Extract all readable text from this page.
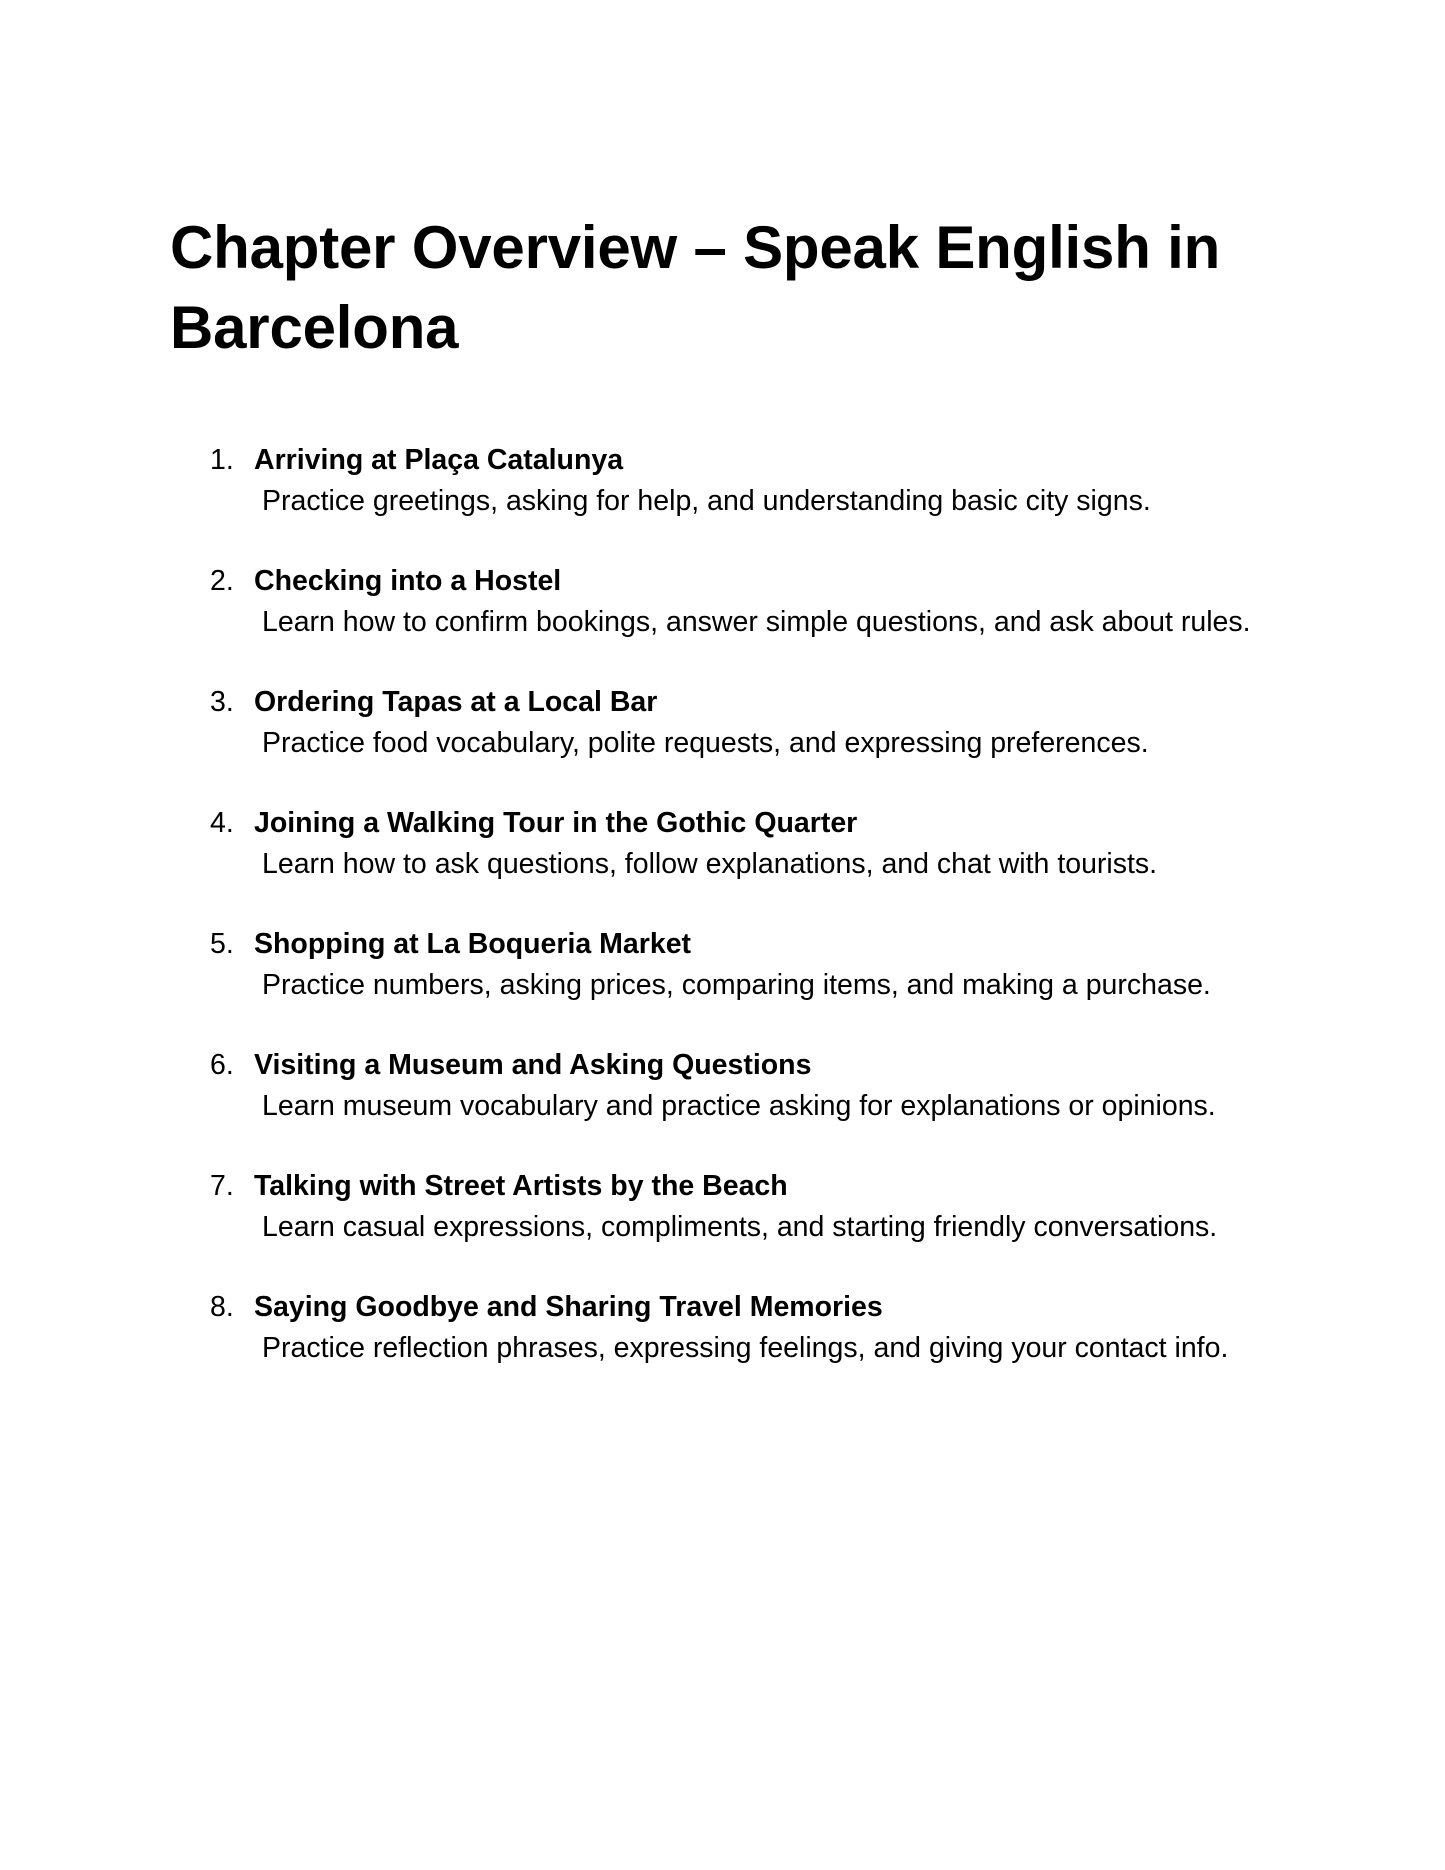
Chapter Overview – Speak English in Barcelona
1. Arriving at Plaça Catalunya
Practice greetings, asking for help, and understanding basic city signs.
2. Checking into a Hostel
Learn how to confirm bookings, answer simple questions, and ask about rules.
3. Ordering Tapas at a Local Bar
Practice food vocabulary, polite requests, and expressing preferences.
4. Joining a Walking Tour in the Gothic Quarter
Learn how to ask questions, follow explanations, and chat with tourists.
5. Shopping at La Boqueria Market
Practice numbers, asking prices, comparing items, and making a purchase.
6. Visiting a Museum and Asking Questions
Learn museum vocabulary and practice asking for explanations or opinions.
7. Talking with Street Artists by the Beach
Learn casual expressions, compliments, and starting friendly conversations.
8. Saying Goodbye and Sharing Travel Memories
Practice reflection phrases, expressing feelings, and giving your contact info.
